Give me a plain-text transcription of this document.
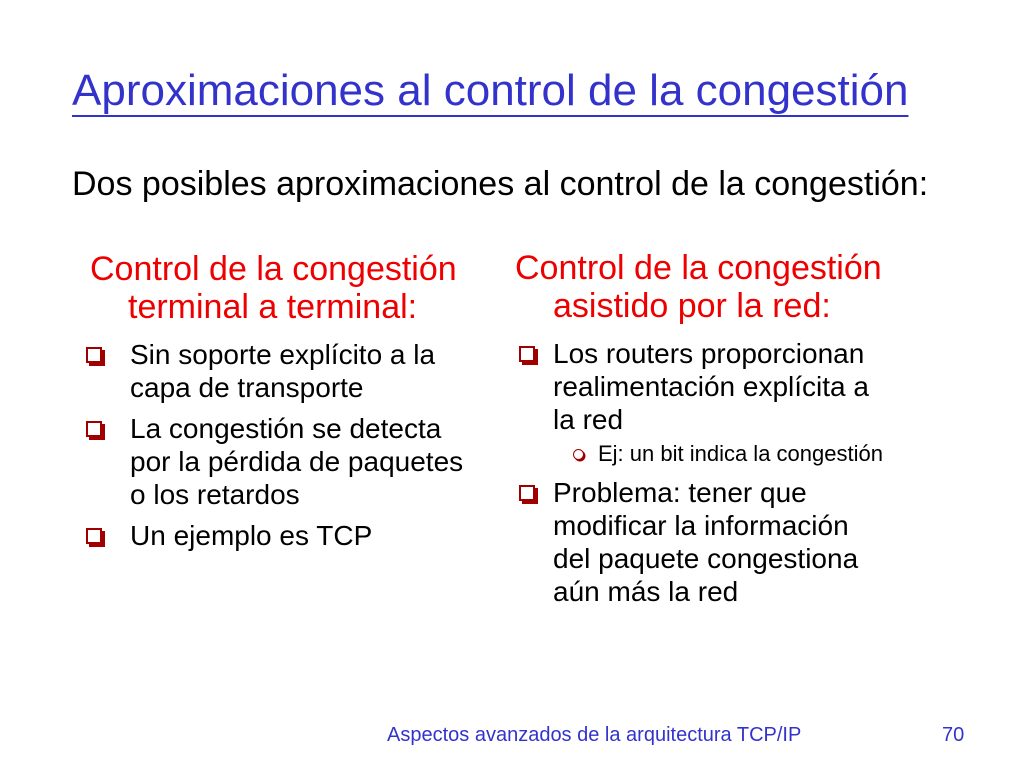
Aproximaciones al control de la congestión

Dos posibles aproximaciones al control de la congestión:

Control de la congestión
terminal a terminal:
Sin soporte explícito a la
capa de transporte
La congestión se detecta
por la pérdida de paquetes
o los retardos
Un ejemplo es TCP
Control de la congestión
asistido por la red:
Los routers proporcionan
realimentación explícita a
la red
Ej: un bit indica la congestión
Problema: tener que
modificar la información
del paquete congestiona
aún más la red
Aspectos avanzados de la arquitectura TCP/IP	70
